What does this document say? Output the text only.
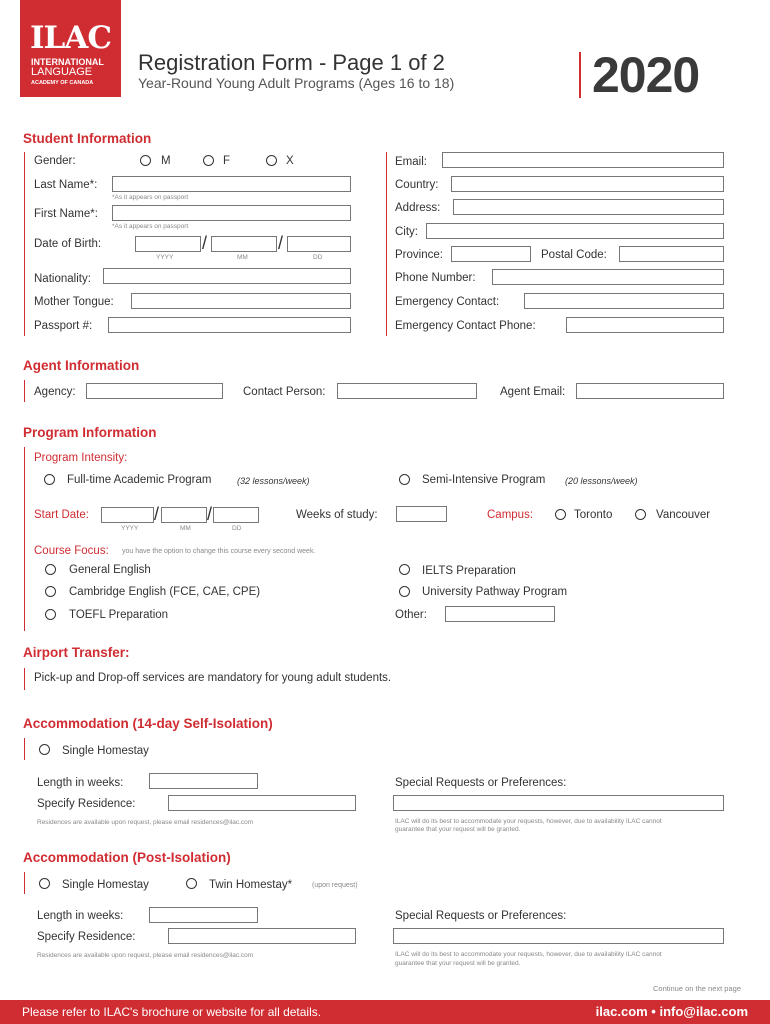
ILAC
INTERNATIONAL
LANGUAGE
ACADEMY OF CANADA
Registration Form - Page 1 of 2
Year-Round Young Adult Programs (Ages 16 to 18)	2020
Student Information
Gender:	M	F	X
Last Name*:
*As it appears on passport
First Name*:
*As it appears on passport
Date of Birth:	/	/
YYYY	MM	DD
Nationality:
Mother Tongue:
Passport #:
Email:
Country:
Address:
City:
Province:	Postal Code:
Phone Number:
Emergency Contact:
Emergency Contact Phone:
Agent Information
Agency:	Contact Person:	Agent Email:
Program Information
Program Intensity:
Full-time Academic Program	(32 lessons/week)	Semi-Intensive Program (20 lessons/week)
Start Date:	/	/
YYYY	MM	DD
Weeks of study:	Campus:	Toronto	Vancouver
Course Focus: you have the option to change this course every second week.
General English
Cambridge English (FCE, CAE, CPE)
TOEFL Preparation
IELTS Preparation
University Pathway Program
Other:
Airport Transfer:
Pick-up and Drop-off services are mandatory for young adult students.
Accommodation (14-day Self-Isolation)
Single Homestay
Length in weeks:
Specify Residence:
Residences are available upon request, please email residences@ilac.com
Special Requests or Preferences:
ILAC will do its best to accommodate your requests, however, due to availability ILAC cannot
guarantee that your request will be granted.
Accommodation (Post-Isolation)
Single Homestay	Twin Homestay*	(upon request)
Length in weeks:
Specify Residence:
Residences are available upon request, please email residences@ilac.com
Special Requests or Preferences:
ILAC will do its best to accommodate your requests, however, due to availability ILAC cannot
guarantee that your request will be granted.
Continue on the next page
Please refer to ILAC's brochure or website for all details.	ilac.com • info@ilac.com
